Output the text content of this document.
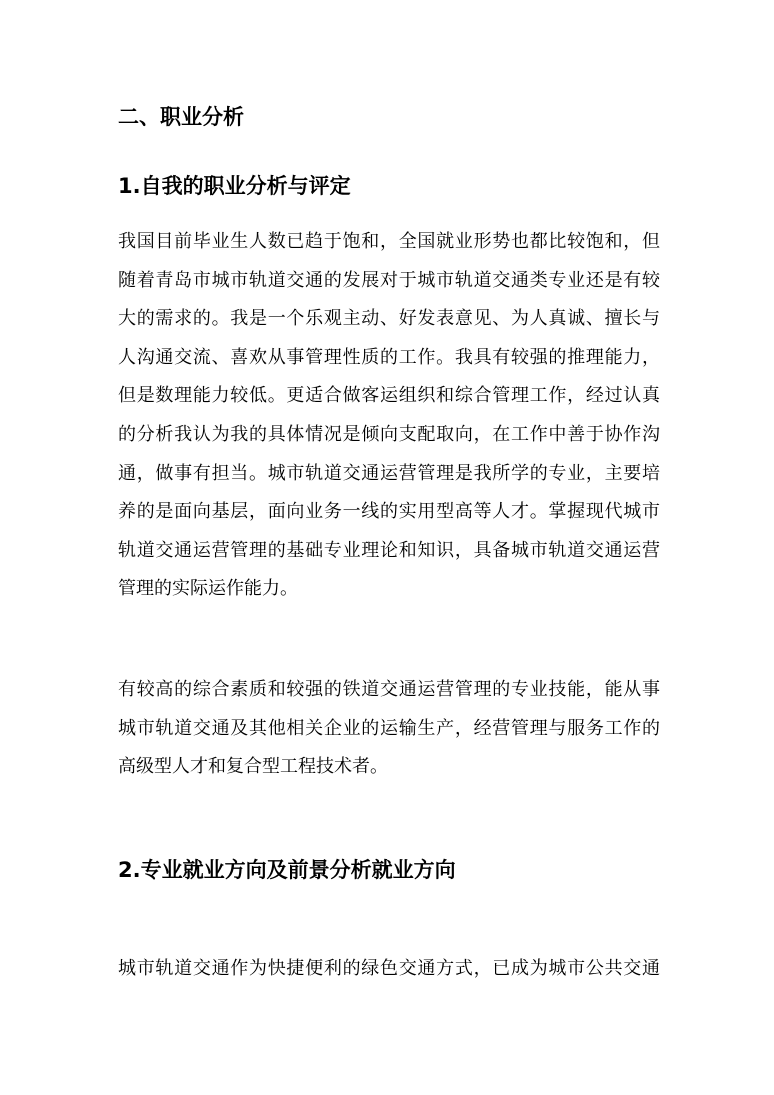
二、职业分析
1.自我的职业分析与评定
我国目前毕业生人数已趋于饱和，全国就业形势也都比较饱和，但
随着青岛市城市轨道交通的发展对于城市轨道交通类专业还是有较
大的需求的。我是一个乐观主动、好发表意见、为人真诚、擅长与
人沟通交流、喜欢从事管理性质的工作。我具有较强的推理能力，
但是数理能力较低。更适合做客运组织和综合管理工作，经过认真
的分析我认为我的具体情况是倾向支配取向，在工作中善于协作沟
通，做事有担当。城市轨道交通运营管理是我所学的专业，主要培
养的是面向基层，面向业务一线的实用型高等人才。掌握现代城市
轨道交通运营管理的基础专业理论和知识，具备城市轨道交通运营
管理的实际运作能力。
有较高的综合素质和较强的铁道交通运营管理的专业技能，能从事
城市轨道交通及其他相关企业的运输生产，经营管理与服务工作的
高级型人才和复合型工程技术者。
2.专业就业方向及前景分析就业方向
城市轨道交通作为快捷便利的绿色交通方式，已成为城市公共交通
